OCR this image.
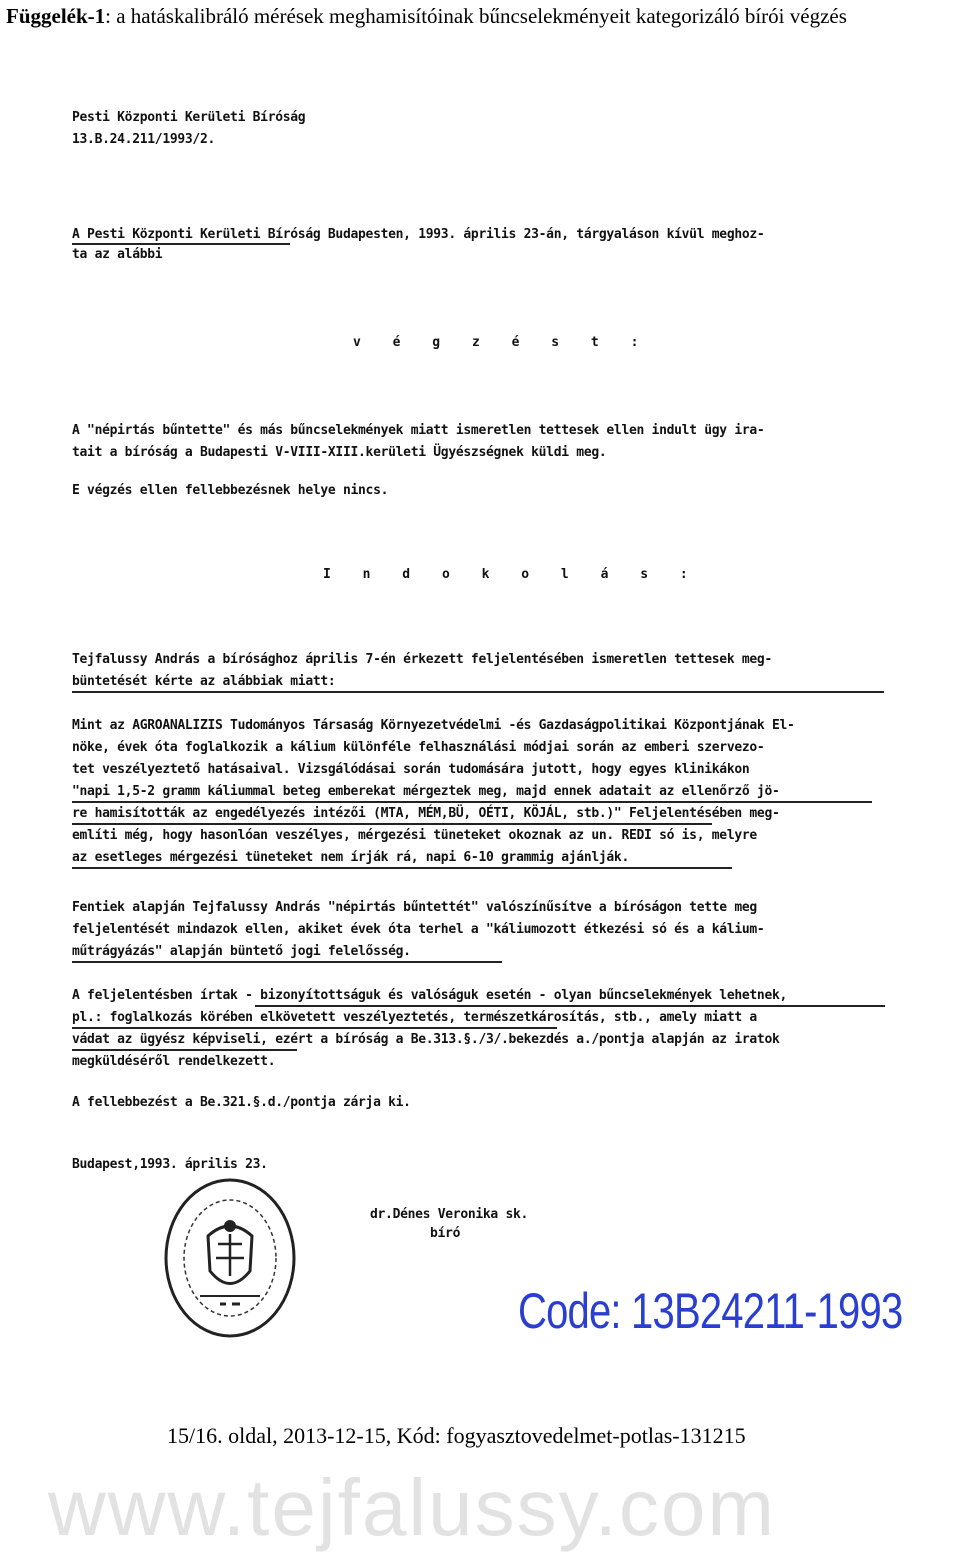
Függelék-1: a hatáskalibráló mérések meghamisítóinak bűncselekményeit kategorizáló bírói végzés
Pesti Központi Kerületi Bíróság
13.B.24.211/1993/2.
A Pesti Központi Kerületi Bíróság Budapesten, 1993. április 23-án, tárgyaláson kívül meghoz-
ta az alábbi
v é g z é s t :
A "népirtás bűntette" és más bűncselekmények miatt ismeretlen tettesek ellen indult ügy ira-
tait a bíróság a Budapesti V-VIII-XIII.kerületi Ügyészségnek küldi meg.
E végzés ellen fellebbezésnek helye nincs.
I n d o k o l á s :
Tejfalussy András a bírósághoz április 7-én érkezett feljelentésében ismeretlen tettesek meg-
büntetését kérte az alábbiak miatt:
Mint az AGROANALIZIS Tudományos Társaság Környezetvédelmi -és Gazdaságpolitikai Központjának El-
nöke, évek óta foglalkozik a kálium különféle felhasználási módjai során az emberi szervezo-
tet veszélyeztető hatásaival. Vizsgálódásai során tudomására jutott, hogy egyes klinikákon
"napi 1,5-2 gramm káliummal beteg emberekat mérgeztek meg, majd ennek adatait az ellenőrző jö-
re hamisították az engedélyezés intézői (MTA, MÉM,BÜ, OÉTI, KÖJÁL, stb.)" Feljelentésében meg-
említi még, hogy hasonlóan veszélyes, mérgezési tüneteket okoznak az un. REDI só is, melyre
az esetleges mérgezési tüneteket nem írják rá, napi 6-10 grammig ajánlják.
Fentiek alapján Tejfalussy András "népirtás bűntettét" valószínűsítve a bíróságon tette meg
feljelentését mindazok ellen, akiket évek óta terhel a "káliumozott étkezési só és a kálium-
műtrágyázás" alapján büntető jogi felelősség.
A feljelentésben írtak - bizonyítottságuk és valóságuk esetén - olyan bűncselekmények lehetnek,
pl.: foglalkozás körében elkövetett veszélyeztetés, természetkárosítás, stb., amely miatt a
vádat az ügyész képviseli, ezért a bíróság a Be.313.§./3/.bekezdés a./pontja alapján az iratok
megküldéséről rendelkezett.
A fellebbezést a Be.321.§.d./pontja zárja ki.
Budapest,1993. április 23.
dr.Dénes Veronika sk.
bíró
Code: 13B24211-1993
15/16. oldal, 2013-12-15, Kód: fogyasztovedelmet-potlas-131215
www.tejfalussy.com
